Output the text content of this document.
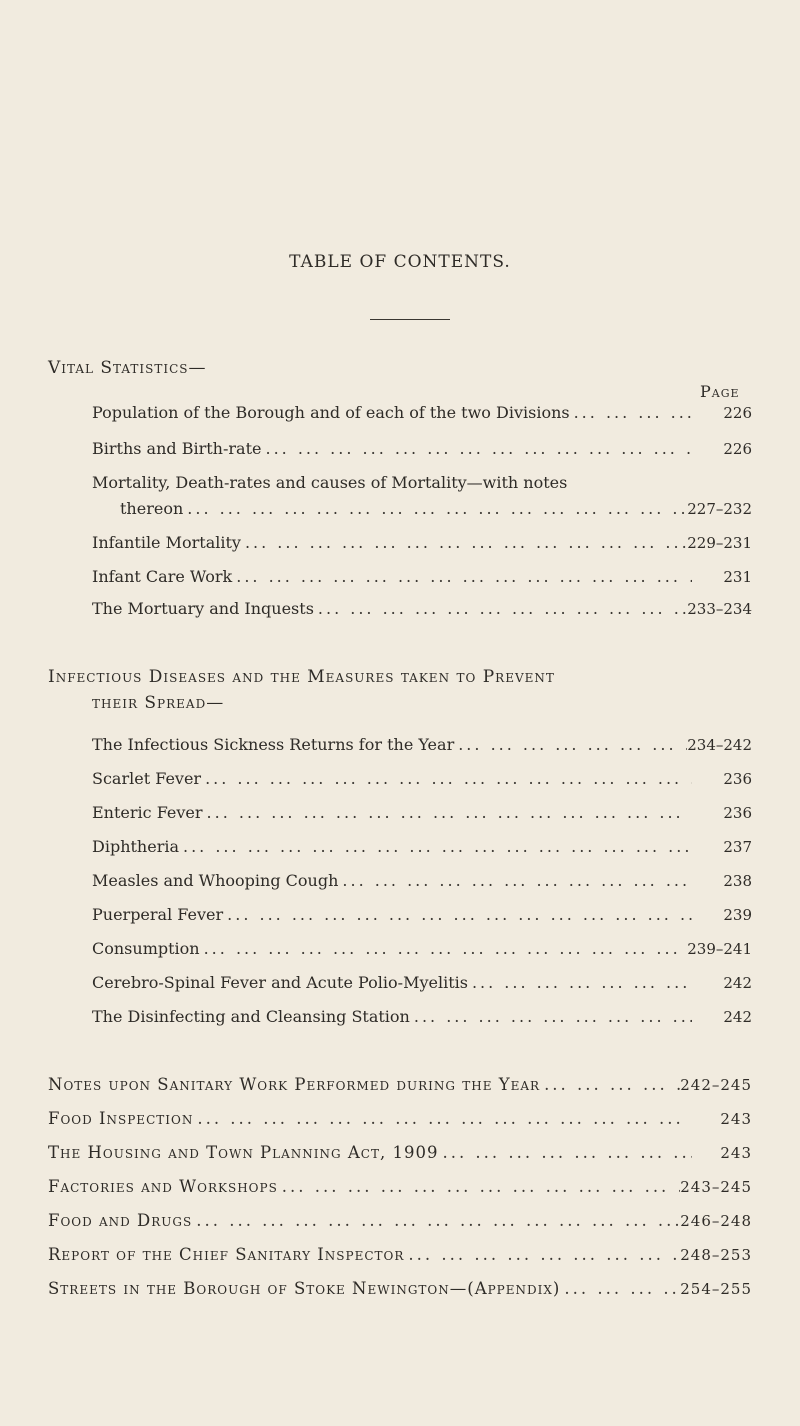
TABLE OF CONTENTS.
Vital Statistics—
Page
Population of the Borough and of each of the two Divisions ... .	226
Births and Birth-rate ... .	226
Mortality, Death-rates and causes of Mortality—with notes
thereon ... .	227–232
Infantile Mortality ... .	229–231
Infant Care Work ... .	231
The Mortuary and Inquests ... .	233–234
Infectious Diseases and the Measures taken to Prevent
their Spread—
The Infectious Sickness Returns for the Year ... .	234–242
Scarlet Fever ... .	236
Enteric Fever ... .	236
Diphtheria ... .	237
Measles and Whooping Cough ... .	238
Puerperal Fever ... .	239
Consumption ... .	239–241
Cerebro-Spinal Fever and Acute Polio-Myelitis ... .	242
The Disinfecting and Cleansing Station ... .	242
Notes upon Sanitary Work Performed during the Year ... .	242–245
Food Inspection ... .	243
The Housing and Town Planning Act, 1909 ... .	243
Factories and Workshops ... .	243–245
Food and Drugs ... .	246–248
Report of the Chief Sanitary Inspector ... .	248–253
Streets in the Borough of Stoke Newington—(Appendix) ... .	254–255
